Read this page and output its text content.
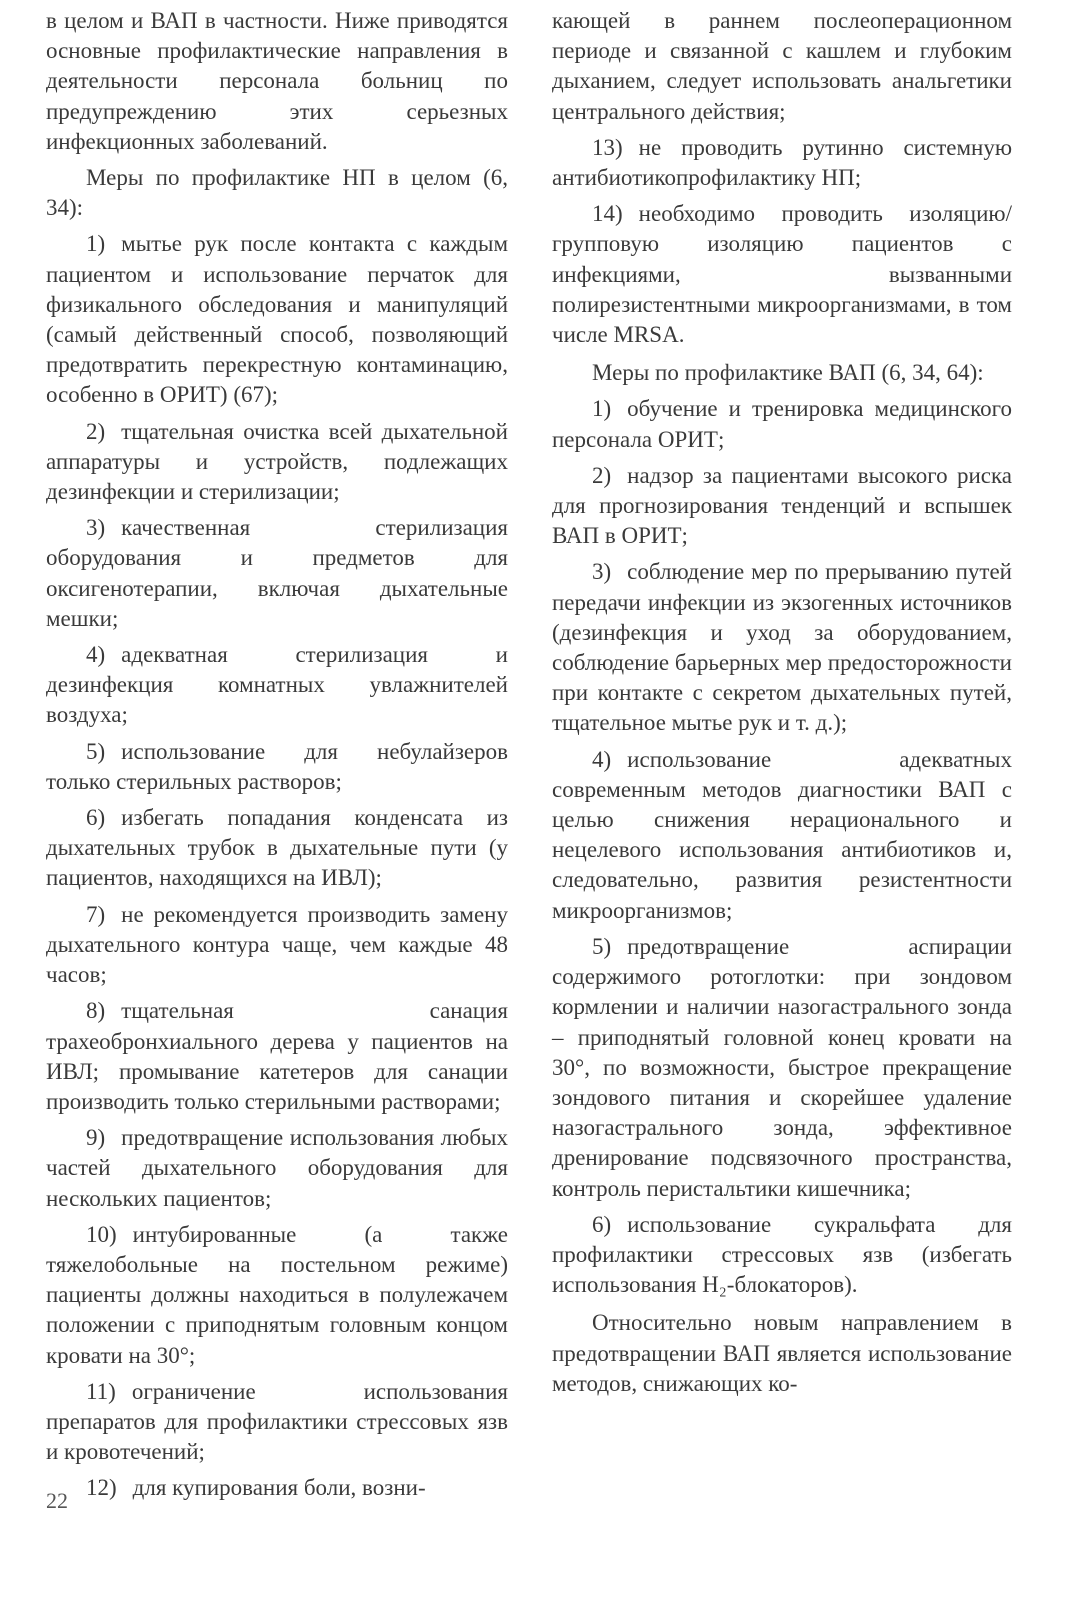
в целом и ВАП в частности. Ниже приводятся основные профилактические направления в деятельности персонала больниц по предупреждению этих серьезных инфекционных заболеваний.

Меры по профилактике НП в целом (6, 34):

1) мытье рук после контакта с каждым пациентом и использование перчаток для физикального обследования и манипуляций (самый действенный способ, позволяющий предотвратить перекрестную контаминацию, особенно в ОРИТ) (67);

2) тщательная очистка всей дыхательной аппаратуры и устройств, подлежащих дезинфекции и стерилизации;

3) качественная стерилизация оборудования и предметов для оксигенотерапии, включая дыхательные мешки;

4) адекватная стерилизация и дезинфекция комнатных увлажнителей воздуха;

5) использование для небулайзеров только стерильных растворов;

6) избегать попадания конденсата из дыхательных трубок в дыхательные пути (у пациентов, находящихся на ИВЛ);

7) не рекомендуется производить замену дыхательного контура чаще, чем каждые 48 часов;

8) тщательная санация трахеобронхиального дерева у пациентов на ИВЛ; промывание катетеров для санации производить только стерильными растворами;

9) предотвращение использования любых частей дыхательного оборудования для нескольких пациентов;

10) интубированные (а также тяжелобольные на постельном режиме) пациенты должны находиться в полулежачем положении с приподнятым головным концом кровати на 30°;

11) ограничение использования препаратов для профилактики стрессовых язв и кровотечений;

12) для купирования боли, возни-

кающей в раннем послеоперационном периоде и связанной с кашлем и глубоким дыханием, следует использовать анальгетики центрального действия;

13) не проводить рутинно системную антибиотикопрофилактику НП;

14) необходимо проводить изоляцию/групповую изоляцию пациентов с инфекциями, вызванными полирезистентными микроорганизмами, в том числе MRSA.

Меры по профилактике ВАП (6, 34, 64):

1) обучение и тренировка медицинского персонала ОРИТ;

2) надзор за пациентами высокого риска для прогнозирования тенденций и вспышек ВАП в ОРИТ;

3) соблюдение мер по прерыванию путей передачи инфекции из экзогенных источников (дезинфекция и уход за оборудованием, соблюдение барьерных мер предосторожности при контакте с секретом дыхательных путей, тщательное мытье рук и т. д.);

4) использование адекватных современным методов диагностики ВАП с целью снижения нерационального и нецелевого использования антибиотиков и, следовательно, развития резистентности микроорганизмов;

5) предотвращение аспирации содержимого ротоглотки: при зондовом кормлении и наличии назогастрального зонда – приподнятый головной конец кровати на 30°, по возможности, быстрое прекращение зондового питания и скорейшее удаление назогастрального зонда, эффективное дренирование подсвязочного пространства, контроль перистальтики кишечника;

6) использование сукральфата для профилактики стрессовых язв (избегать использования H₂-блокаторов).

Относительно новым направлением в предотвращении ВАП является использование методов, снижающих ко-

22
